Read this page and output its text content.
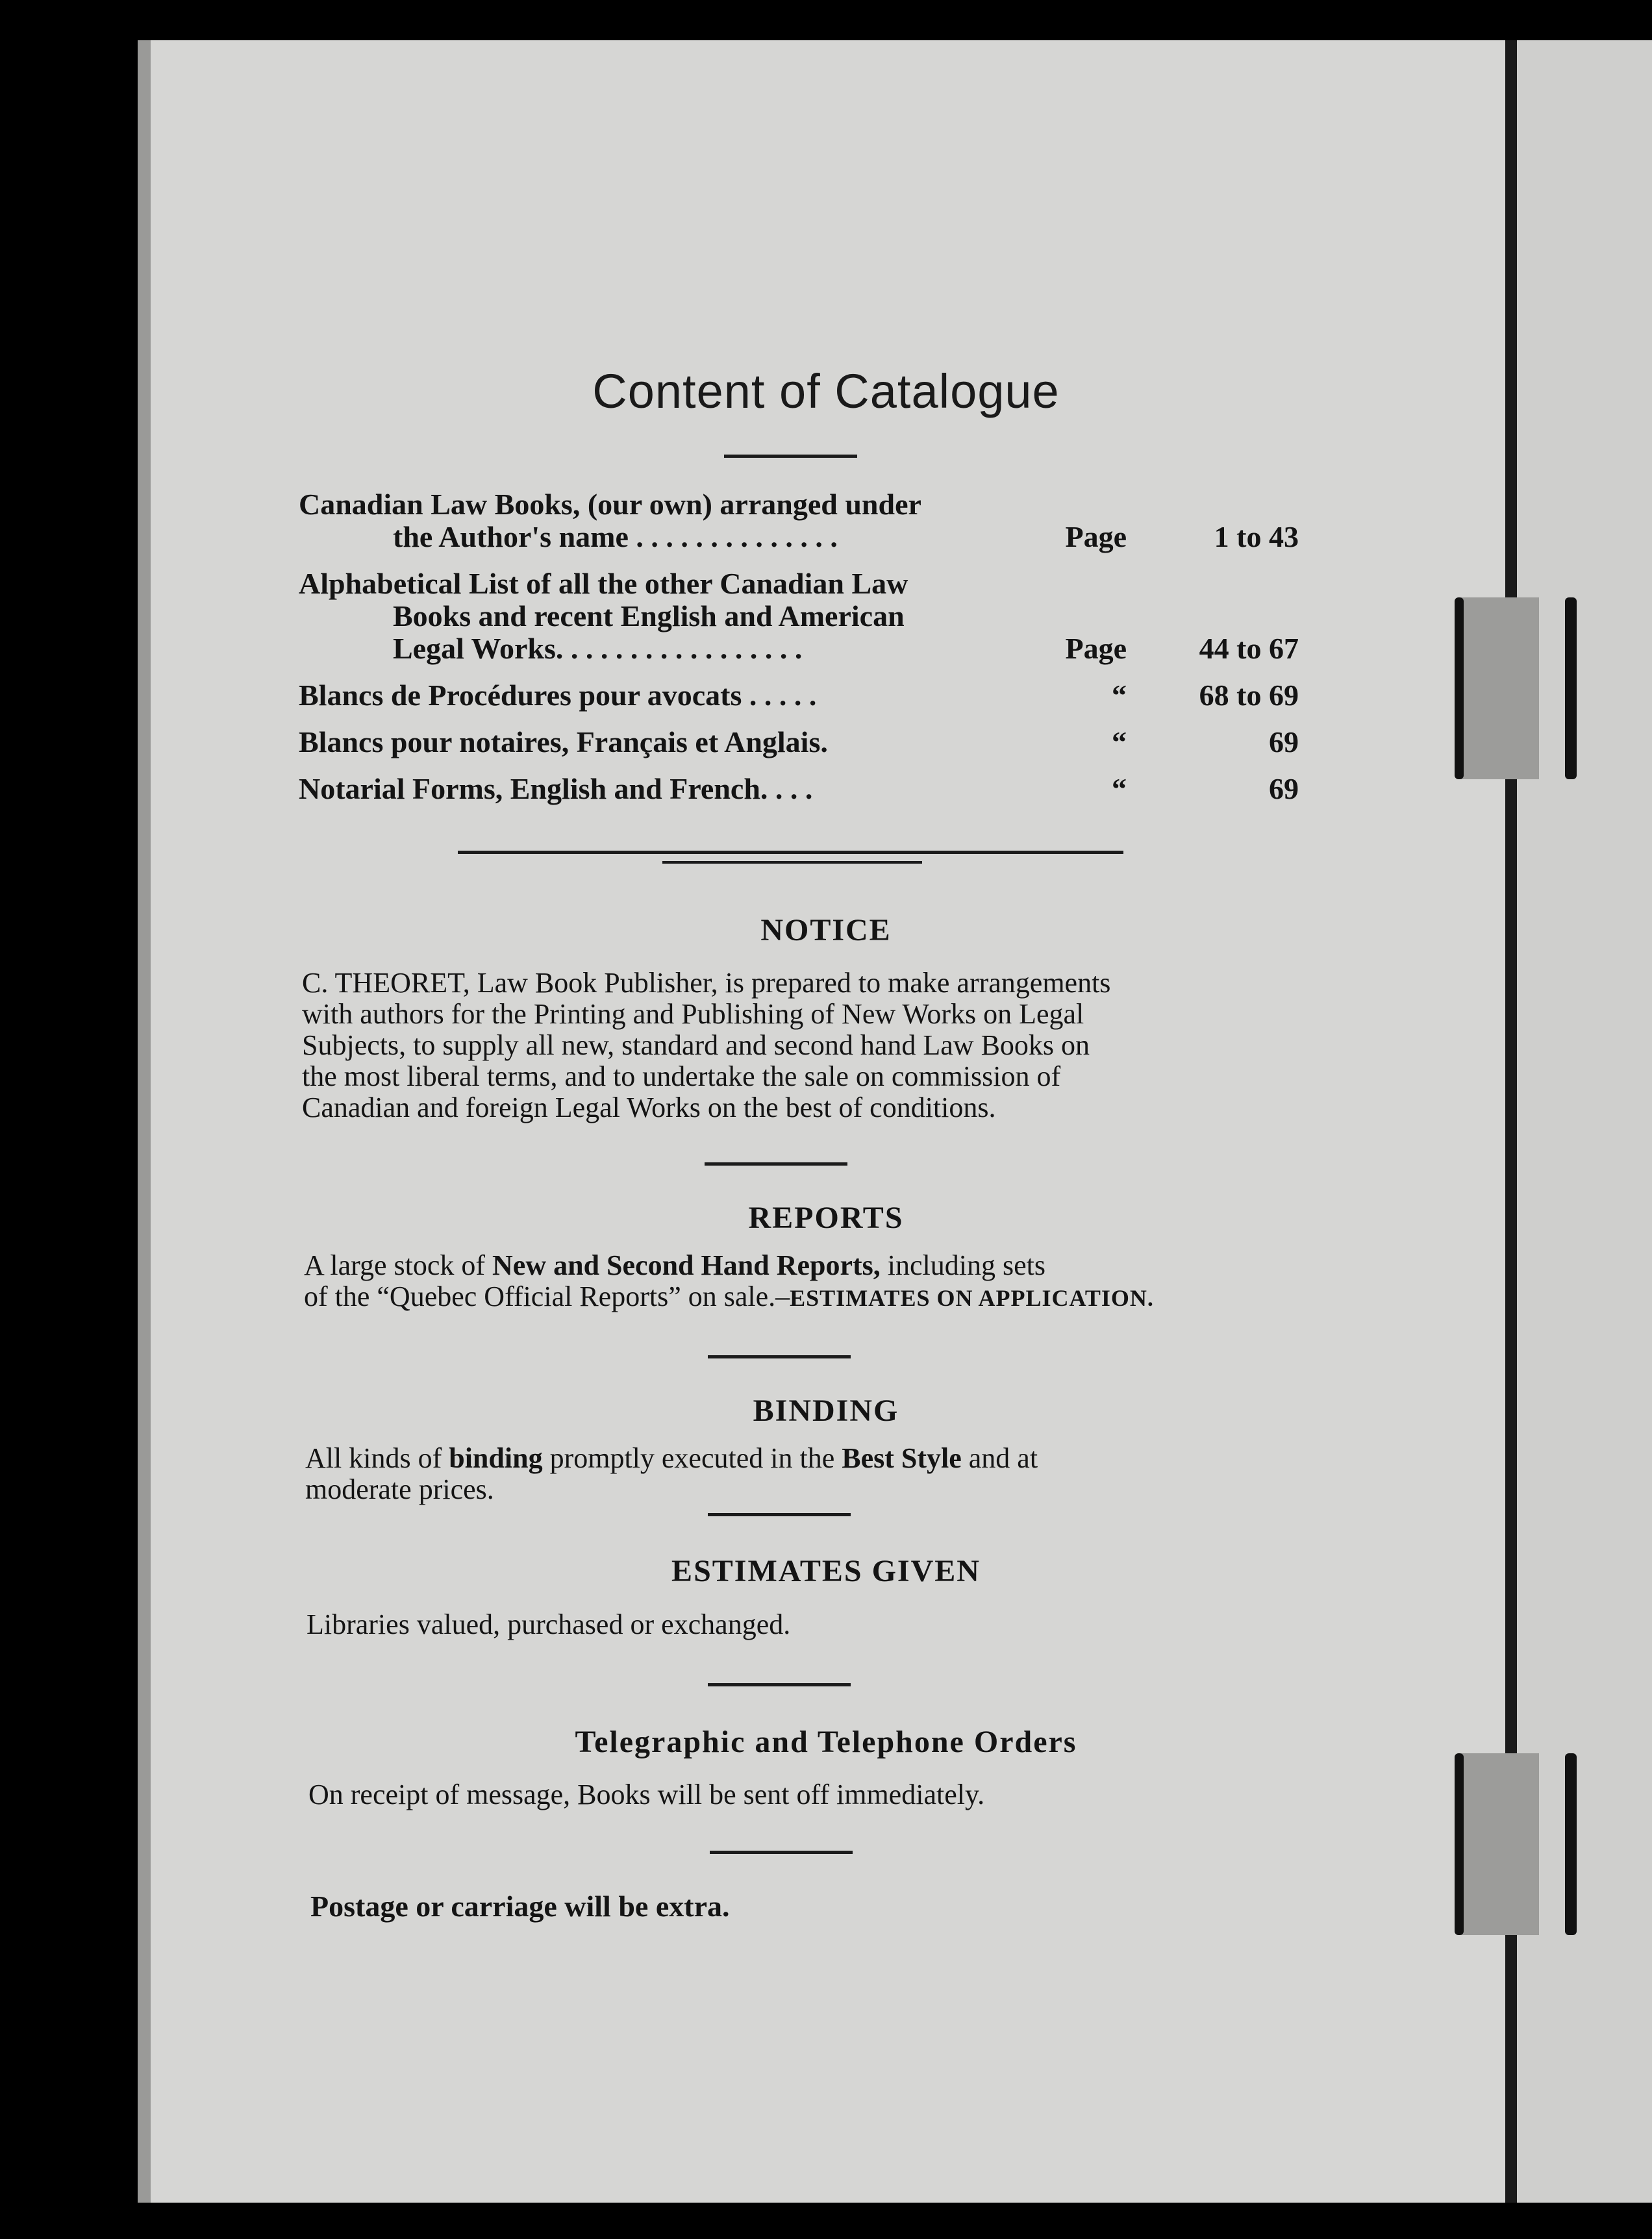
Content of Catalogue
Canadian Law Books, (our own) arranged under
the Author's name . . . . . . . . . . . . . .	Page	1 to 43
Alphabetical List of all the other Canadian Law
Books and recent English and American
Legal Works. . . . . . . . . . . . . . . . .	Page	44 to 67
Blancs de Procédures pour avocats . . . . .	“	68 to 69
Blancs pour notaires, Français et Anglais.	“	69
Notarial Forms, English and French. . . .	“	69
NOTICE
C. THEORET, Law Book Publisher, is prepared to make arrangements
with authors for the Printing and Publishing of New Works on Legal
Subjects, to supply all new, standard and second hand Law Books on
the most liberal terms, and to undertake the sale on commission of
Canadian and foreign Legal Works on the best of conditions.
REPORTS
A large stock of New and Second Hand Reports, including sets
of the “Quebec Official Reports” on sale.–ESTIMATES ON APPLICATION.
BINDING
All kinds of binding promptly executed in the Best Style and at
moderate prices.
ESTIMATES GIVEN
Libraries valued, purchased or exchanged.
Telegraphic and Telephone Orders
On receipt of message, Books will be sent off immediately.
Postage or carriage will be extra.
